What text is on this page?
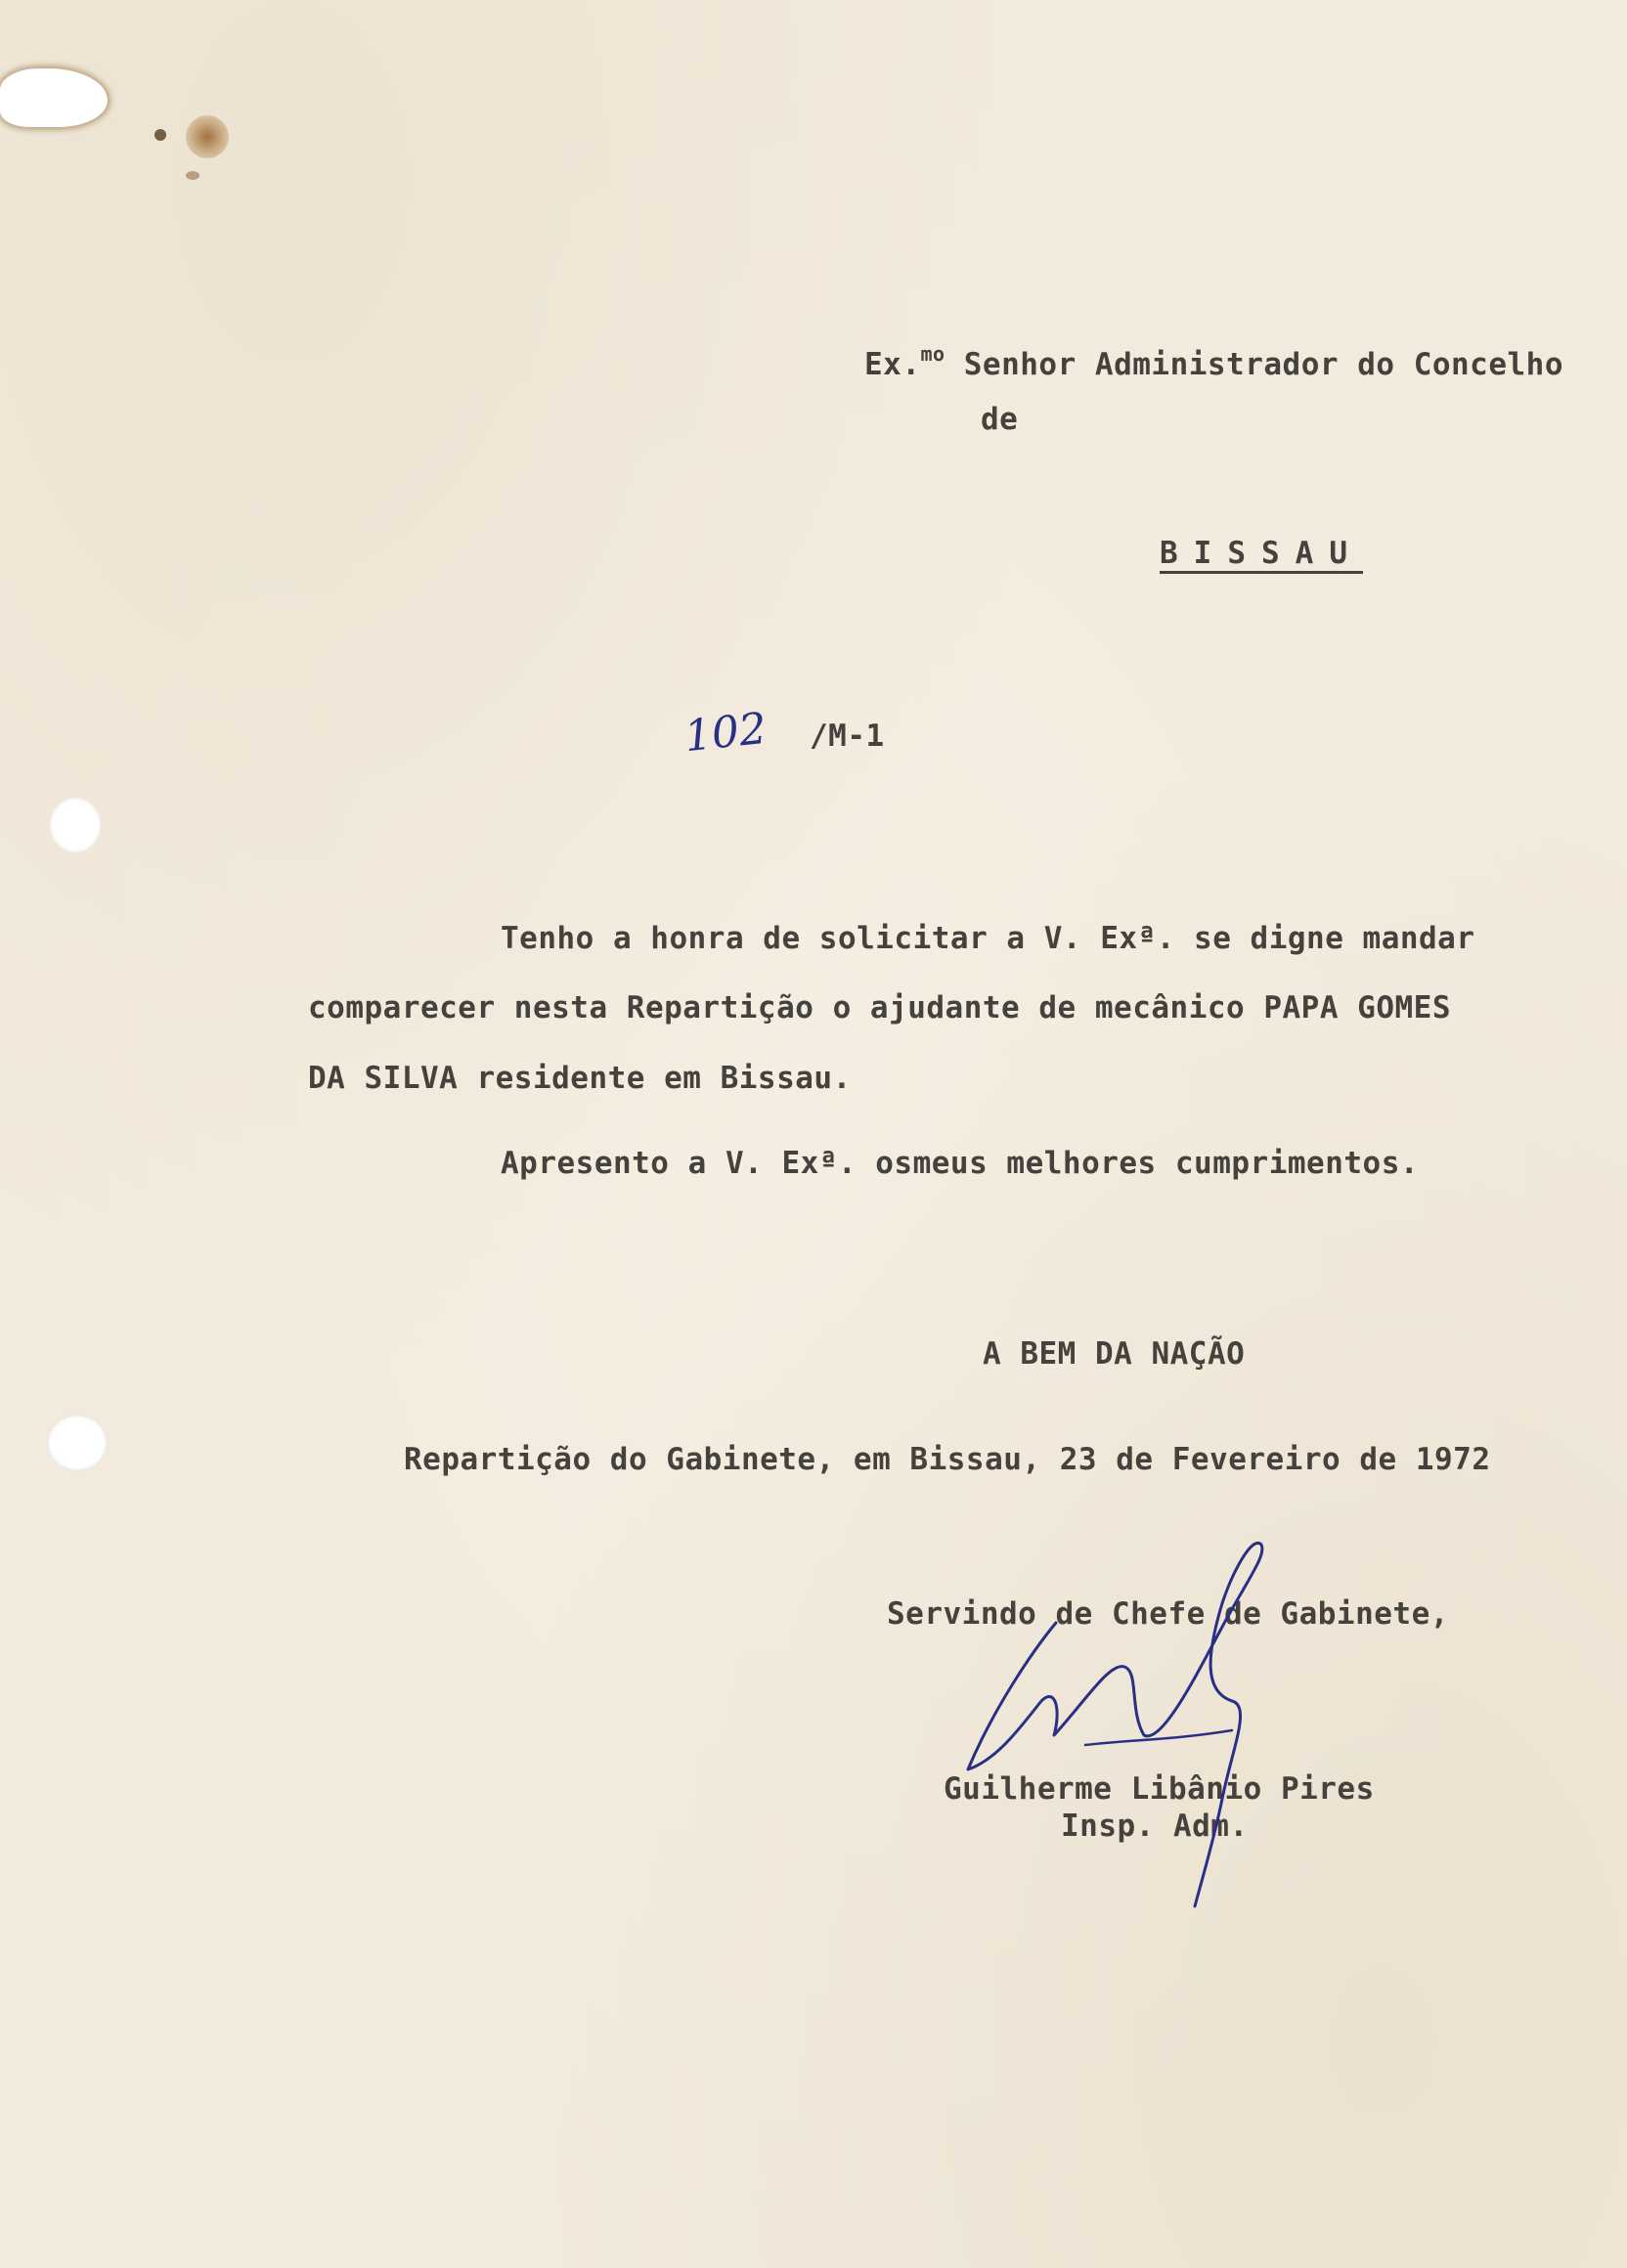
Ex.$^{mo}$ Senhor Administrador do Concelho
de
BISSAU
102 /M-1
Tenho a honra de solicitar a V. Exª. se digne mandar
comparecer nesta Repartição o ajudante de mecânico PAPA GOMES
DA SILVA residente em Bissau.
Apresento a V. Exª. osmeus melhores cumprimentos.
A BEM DA NAÇÃO
Repartição do Gabinete, em Bissau, 23 de Fevereiro de 1972
Servindo de Chefe de Gabinete,
Guilherme Libânio Pires
Insp. Adm.
